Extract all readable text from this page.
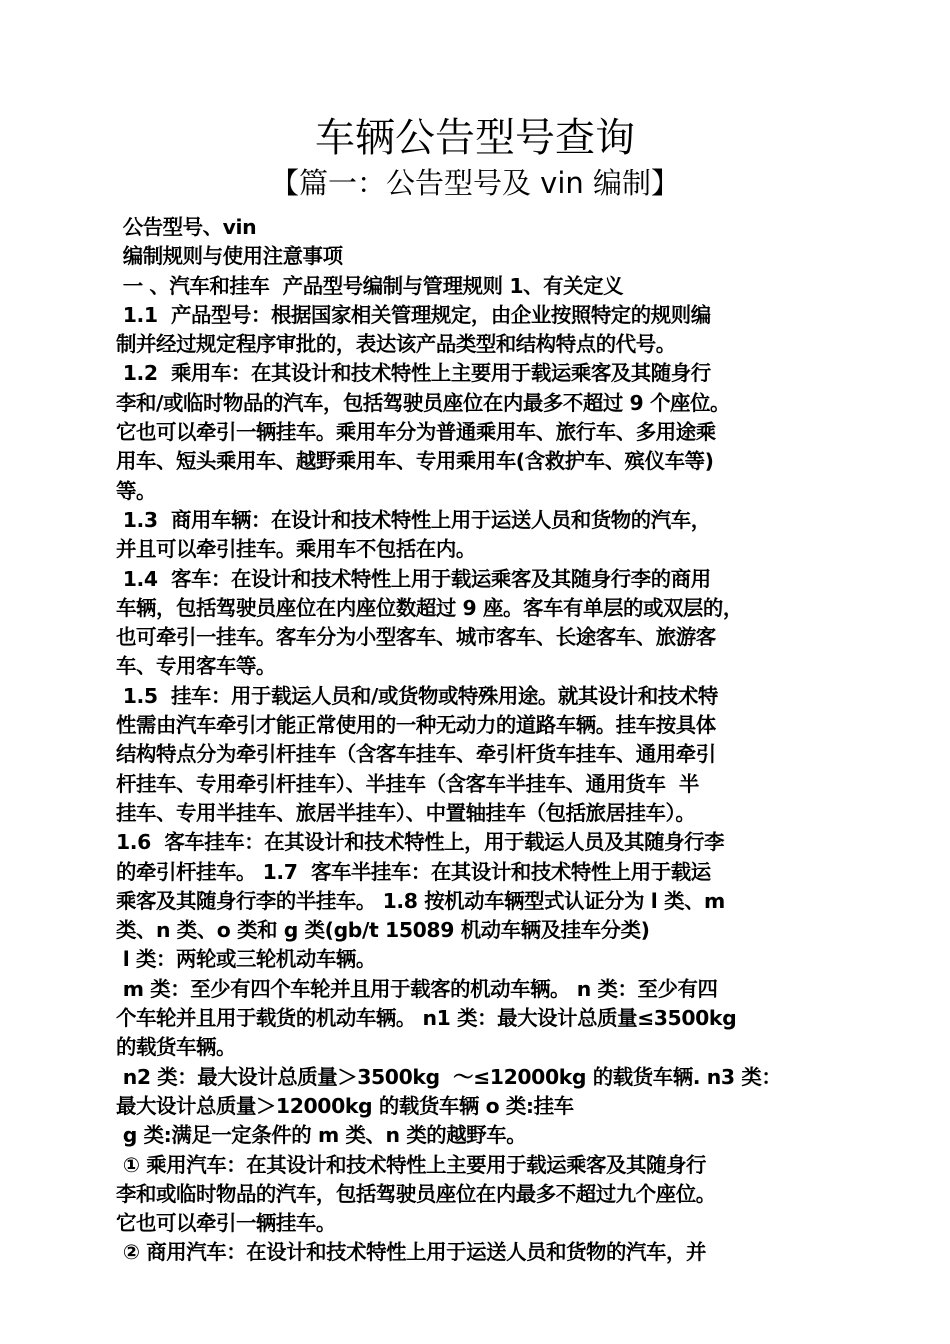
车辆公告型号查询
【篇一：公告型号及 vin 编制】
公告型号、vin
编制规则与使用注意事项
一 、汽车和挂车  产品型号编制与管理规则 1、有关定义
1.1  产品型号：根据国家相关管理规定，由企业按照特定的规则编
制并经过规定程序审批的，表达该产品类型和结构特点的代号。
1.2  乘用车：在其设计和技术特性上主要用于载运乘客及其随身行
李和/或临时物品的汽车，包括驾驶员座位在内最多不超过 9 个座位。
它也可以牵引一辆挂车。乘用车分为普通乘用车、旅行车、多用途乘
用车、短头乘用车、越野乘用车、专用乘用车(含救护车、殡仪车等)
等。
1.3  商用车辆：在设计和技术特性上用于运送人员和货物的汽车，
并且可以牵引挂车。乘用车不包括在内。
1.4  客车：在设计和技术特性上用于载运乘客及其随身行李的商用
车辆，包括驾驶员座位在内座位数超过 9 座。客车有单层的或双层的，
也可牵引一挂车。客车分为小型客车、城市客车、长途客车、旅游客
车、专用客车等。
1.5  挂车：用于载运人员和/或货物或特殊用途。就其设计和技术特
性需由汽车牵引才能正常使用的一种无动力的道路车辆。挂车按具体
结构特点分为牵引杆挂车（含客车挂车、牵引杆货车挂车、通用牵引
杆挂车、专用牵引杆挂车）、半挂车（含客车半挂车、通用货车  半
挂车、专用半挂车、旅居半挂车）、中置轴挂车（包括旅居挂车）。
1.6  客车挂车：在其设计和技术特性上，用于载运人员及其随身行李
的牵引杆挂车。 1.7  客车半挂车：在其设计和技术特性上用于载运
乘客及其随身行李的半挂车。 1.8 按机动车辆型式认证分为 l 类、m
类、n 类、o 类和 g 类(gb/t 15089 机动车辆及挂车分类)
l 类：两轮或三轮机动车辆。
m 类：至少有四个车轮并且用于载客的机动车辆。 n 类：至少有四
个车轮并且用于载货的机动车辆。 n1 类：最大设计总质量≤3500kg
的载货车辆。
n2 类：最大设计总质量＞3500kg  ～≤12000kg 的载货车辆. n3 类：
最大设计总质量＞12000kg 的载货车辆 o 类:挂车
g 类:满足一定条件的 m 类、n 类的越野车。
① 乘用汽车：在其设计和技术特性上主要用于载运乘客及其随身行
李和或临时物品的汽车，包括驾驶员座位在内最多不超过九个座位。
它也可以牵引一辆挂车。
② 商用汽车：在设计和技术特性上用于运送人员和货物的汽车，并
